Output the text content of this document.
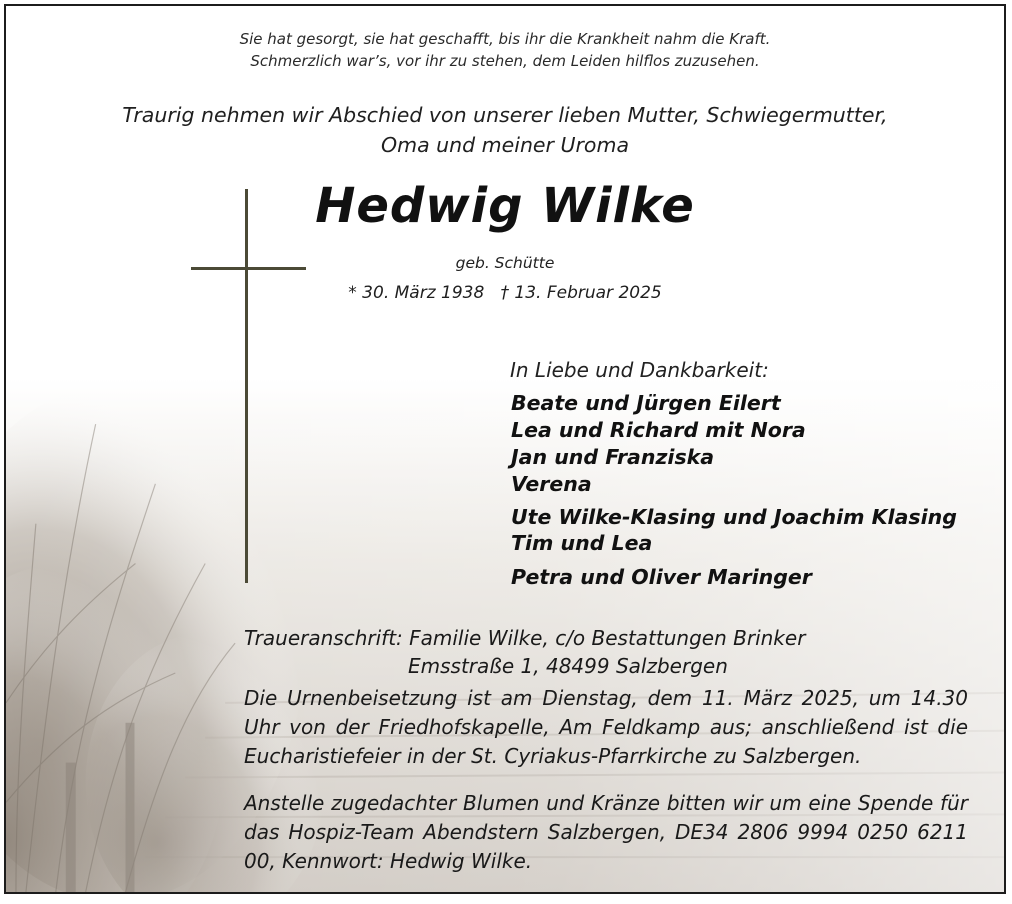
Sie hat gesorgt, sie hat geschafft, bis ihr die Krankheit nahm die Kraft.
Schmerzlich war’s, vor ihr zu stehen, dem Leiden hilflos zuzusehen.
Traurig nehmen wir Abschied von unserer lieben Mutter, Schwiegermutter,
Oma und meiner Uroma
Hedwig Wilke
geb. Schütte
* 30. März 1938   † 13. Februar 2025
In Liebe und Dankbarkeit:
Beate und Jürgen Eilert
Lea und Richard mit Nora
Jan und Franziska
Verena
Ute Wilke-Klasing und Joachim Klasing
Tim und Lea
Petra und Oliver Maringer
Traueranschrift: Familie Wilke, c/o Bestattungen Brinker
Emsstraße 1, 48499 Salzbergen
Die Urnenbeisetzung ist am Dienstag, dem 11. März 2025, um 14.30 Uhr von der Friedhofskapelle, Am Feldkamp aus; anschließend ist die Eucharistiefeier in der St. Cyriakus-Pfarrkirche zu Salzbergen.
Anstelle zugedachter Blumen und Kränze bitten wir um eine Spende für das Hospiz-Team Abendstern Salzbergen, DE34 2806 9994 0250 6211 00, Kennwort: Hedwig Wilke.
